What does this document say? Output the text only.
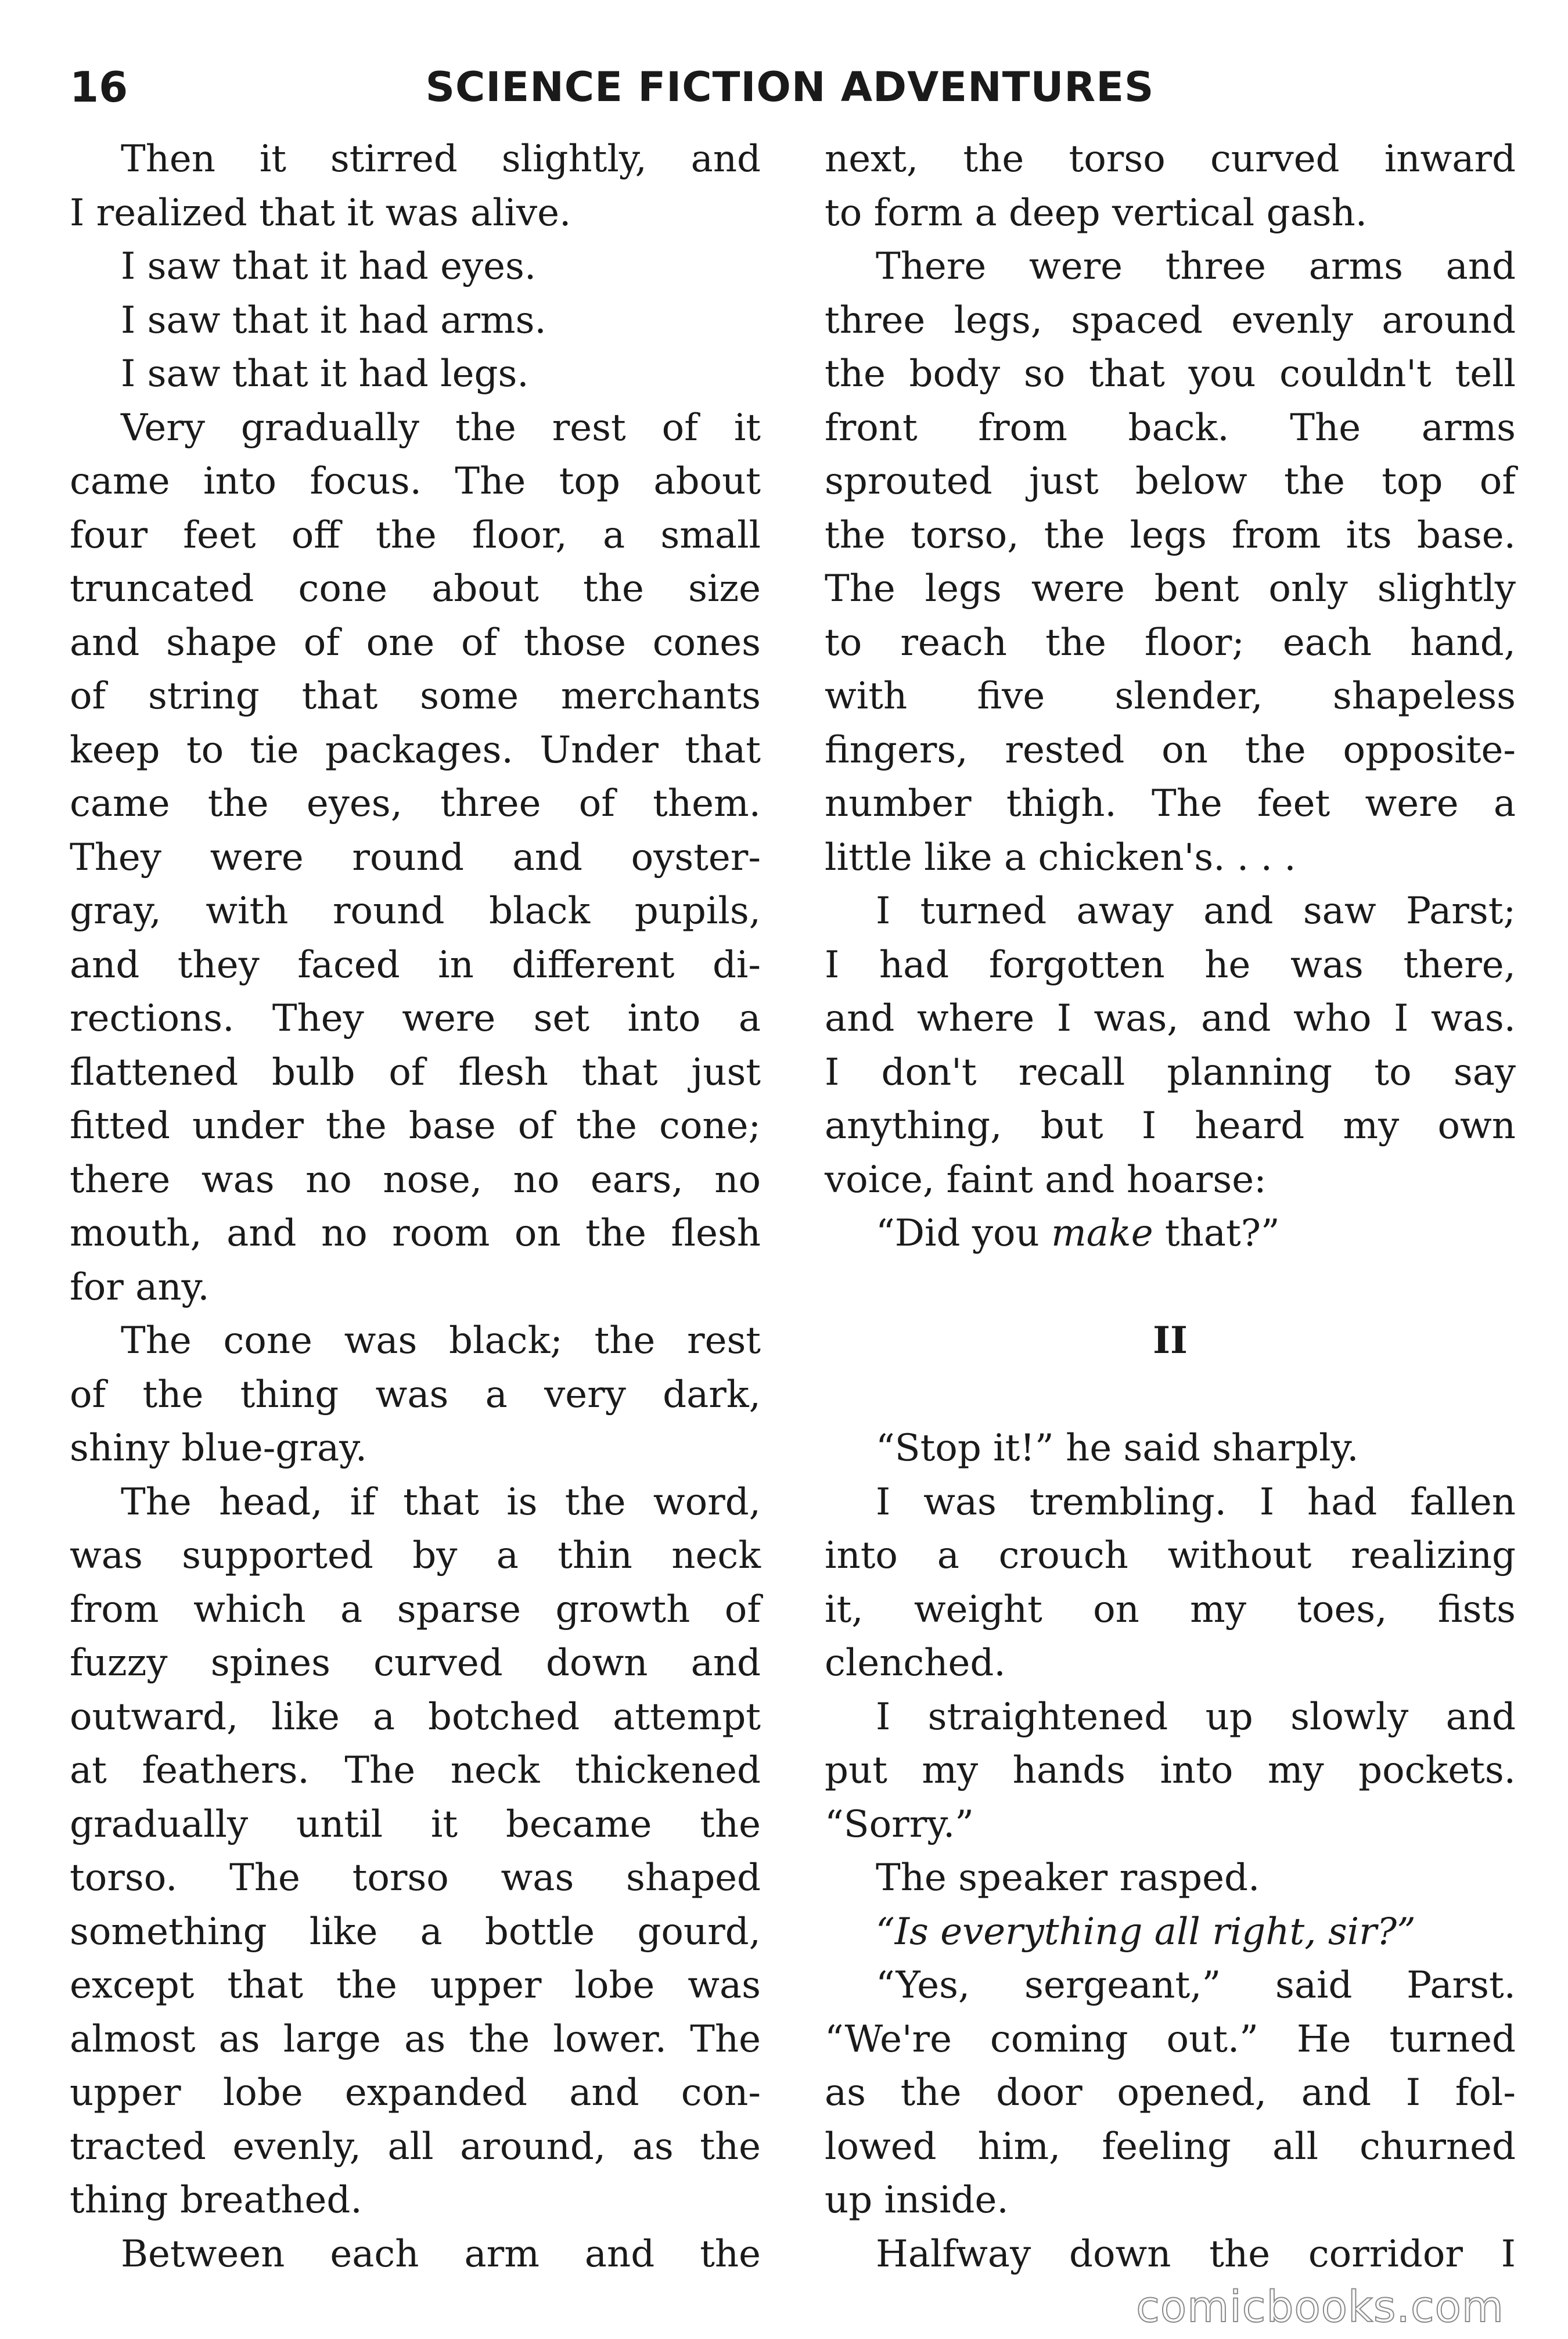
16	SCIENCE FICTION ADVENTURES
Then it stirred slightly, and
I realized that it was alive.
I saw that it had eyes.
I saw that it had arms.
I saw that it had legs.
Very gradually the rest of it
came into focus. The top about
four feet off the floor, a small
truncated cone about the size
and shape of one of those cones
of string that some merchants
keep to tie packages. Under that
came the eyes, three of them.
They were round and oyster-
gray, with round black pupils,
and they faced in different di-
rections. They were set into a
flattened bulb of flesh that just
fitted under the base of the cone;
there was no nose, no ears, no
mouth, and no room on the flesh
for any.
The cone was black; the rest
of the thing was a very dark,
shiny blue-gray.
The head, if that is the word,
was supported by a thin neck
from which a sparse growth of
fuzzy spines curved down and
outward, like a botched attempt
at feathers. The neck thickened
gradually until it became the
torso. The torso was shaped
something like a bottle gourd,
except that the upper lobe was
almost as large as the lower. The
upper lobe expanded and con-
tracted evenly, all around, as the
thing breathed.
Between each arm and the
next, the torso curved inward
to form a deep vertical gash.
There were three arms and
three legs, spaced evenly around
the body so that you couldn't tell
front from back. The arms
sprouted just below the top of
the torso, the legs from its base.
The legs were bent only slightly
to reach the floor; each hand,
with five slender, shapeless
fingers, rested on the opposite-
number thigh. The feet were a
little like a chicken's. . . .
I turned away and saw Parst;
I had forgotten he was there,
and where I was, and who I was.
I don't recall planning to say
anything, but I heard my own
voice, faint and hoarse:
“Did you make that?”
II
“Stop it!” he said sharply.
I was trembling. I had fallen
into a crouch without realizing
it, weight on my toes, fists
clenched.
I straightened up slowly and
put my hands into my pockets.
“Sorry.”
The speaker rasped.
“Is everything all right, sir?”
“Yes, sergeant,” said Parst.
“We're coming out.” He turned
as the door opened, and I fol-
lowed him, feeling all churned
up inside.
Halfway down the corridor I
comicbooks.com
